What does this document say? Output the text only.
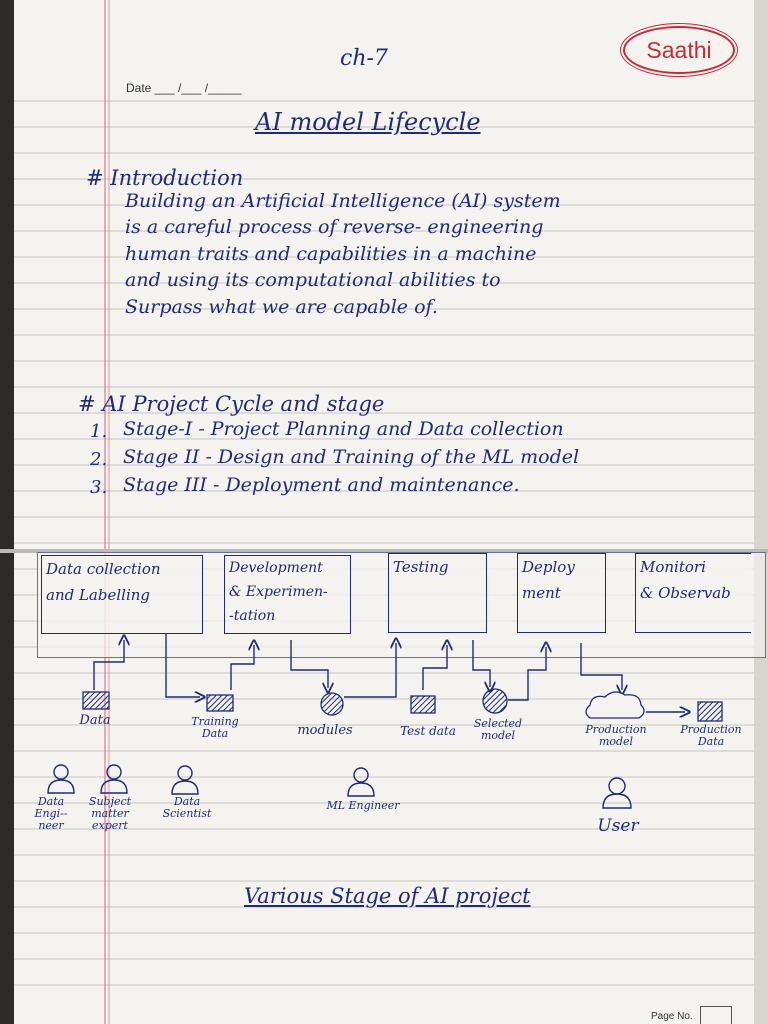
ch-7	Saathi
Date ___ /___ /_____
AI model Lifecycle
# Introduction
Building an Artificial Intelligence (AI) system
is a careful process of reverse- engineering
human traits and capabilities in a machine
and using its computational abilities to
Surpass what we are capable of.
# AI Project Cycle and stage
1. Stage-I - Project Planning and Data collection
2. Stage II - Design and Training of the ML model
3. Stage III - Deployment and maintenance.
Data collection
and Labelling
Development
& Experimen-
-tation
Testing	Deploy
ment
Monitori
& Observab
Data	Training Data	modules	Test data
Selected model	Production model
Production Data
Data Engi--neer
Subject matter expert
Data Scientist
ML Engineer
User
Various Stage of AI project
Page No.
